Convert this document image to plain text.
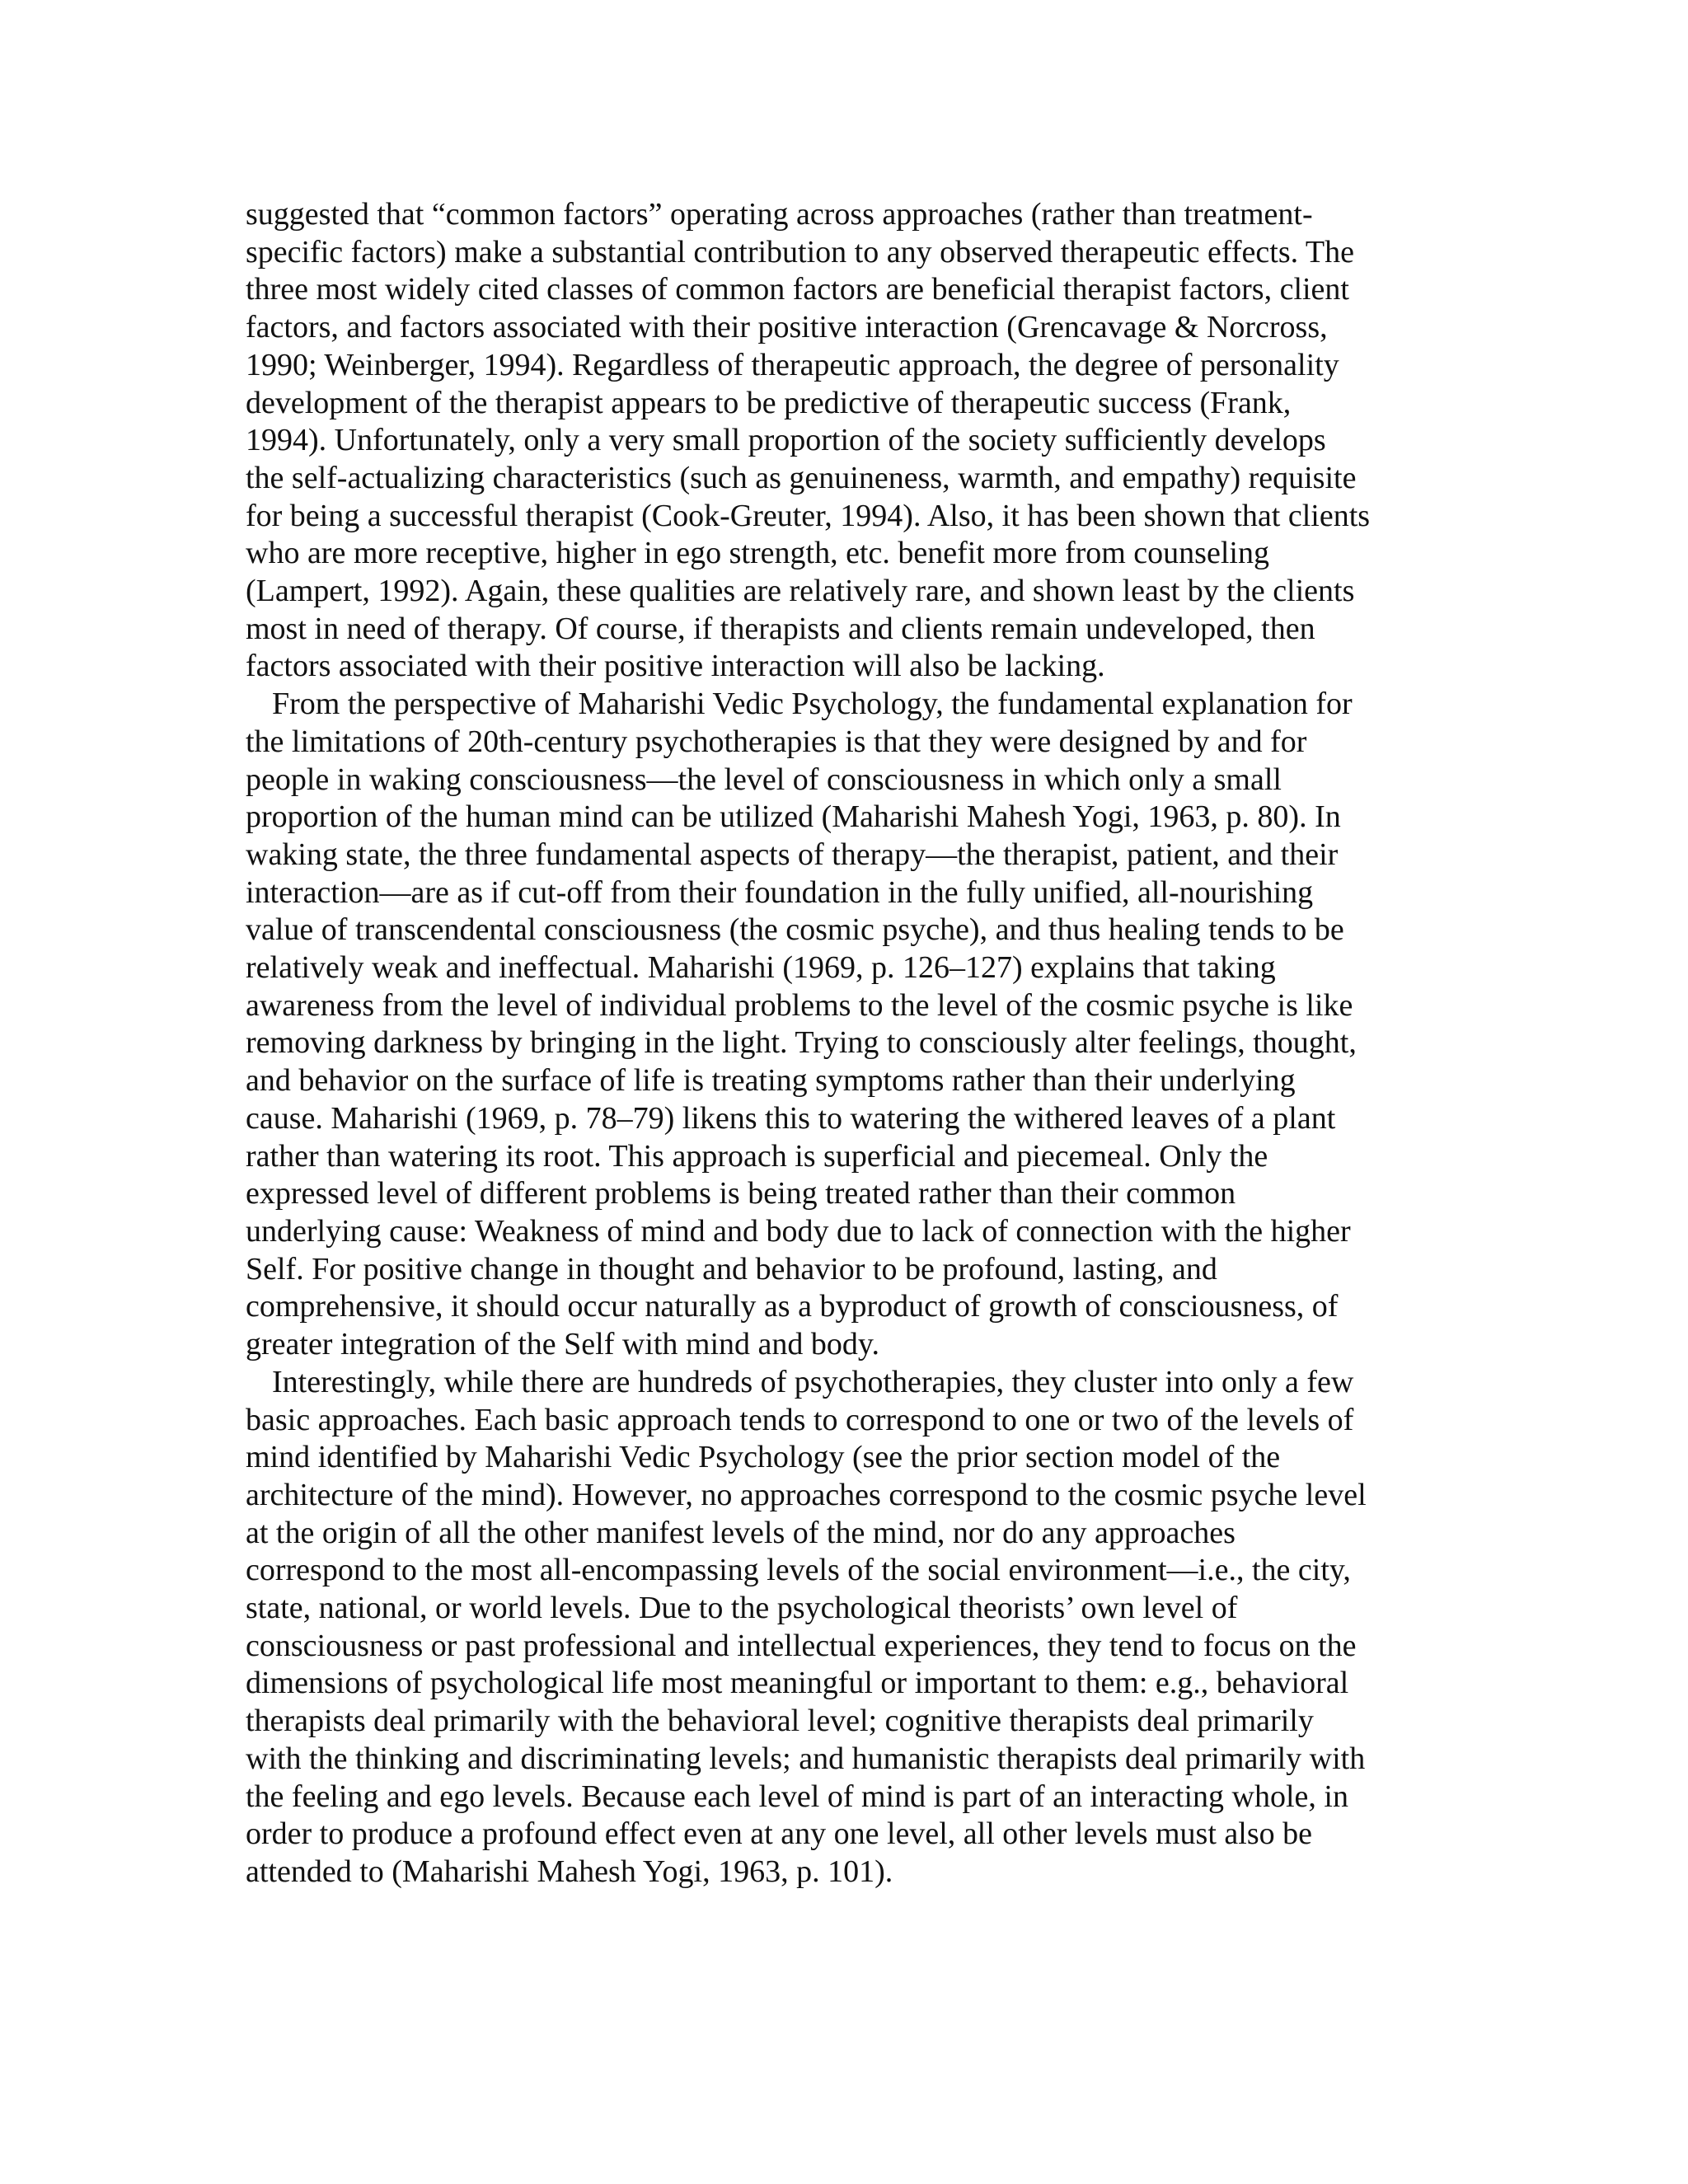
suggested that “common factors” operating across approaches (rather than treatment-
specific factors) make a substantial contribution to any observed therapeutic effects. The
three most widely cited classes of common factors are beneficial therapist factors, client
factors, and factors associated with their positive interaction (Grencavage & Norcross,
1990; Weinberger, 1994). Regardless of therapeutic approach, the degree of personality
development of the therapist appears to be predictive of therapeutic success (Frank,
1994). Unfortunately, only a very small proportion of the society sufficiently develops
the self-actualizing characteristics (such as genuineness, warmth, and empathy) requisite
for being a successful therapist (Cook-Greuter, 1994). Also, it has been shown that clients
who are more receptive, higher in ego strength, etc. benefit more from counseling
(Lampert, 1992). Again, these qualities are relatively rare, and shown least by the clients
most in need of therapy. Of course, if therapists and clients remain undeveloped, then
factors associated with their positive interaction will also be lacking.
From the perspective of Maharishi Vedic Psychology, the fundamental explanation for
the limitations of 20th-century psychotherapies is that they were designed by and for
people in waking consciousness—the level of consciousness in which only a small
proportion of the human mind can be utilized (Maharishi Mahesh Yogi, 1963, p. 80). In
waking state, the three fundamental aspects of therapy—the therapist, patient, and their
interaction—are as if cut-off from their foundation in the fully unified, all-nourishing
value of transcendental consciousness (the cosmic psyche), and thus healing tends to be
relatively weak and ineffectual. Maharishi (1969, p. 126–127) explains that taking
awareness from the level of individual problems to the level of the cosmic psyche is like
removing darkness by bringing in the light. Trying to consciously alter feelings, thought,
and behavior on the surface of life is treating symptoms rather than their underlying
cause. Maharishi (1969, p. 78–79) likens this to watering the withered leaves of a plant
rather than watering its root. This approach is superficial and piecemeal. Only the
expressed level of different problems is being treated rather than their common
underlying cause: Weakness of mind and body due to lack of connection with the higher
Self. For positive change in thought and behavior to be profound, lasting, and
comprehensive, it should occur naturally as a byproduct of growth of consciousness, of
greater integration of the Self with mind and body.
Interestingly, while there are hundreds of psychotherapies, they cluster into only a few
basic approaches. Each basic approach tends to correspond to one or two of the levels of
mind identified by Maharishi Vedic Psychology (see the prior section model of the
architecture of the mind). However, no approaches correspond to the cosmic psyche level
at the origin of all the other manifest levels of the mind, nor do any approaches
correspond to the most all-encompassing levels of the social environment—i.e., the city,
state, national, or world levels. Due to the psychological theorists’ own level of
consciousness or past professional and intellectual experiences, they tend to focus on the
dimensions of psychological life most meaningful or important to them: e.g., behavioral
therapists deal primarily with the behavioral level; cognitive therapists deal primarily
with the thinking and discriminating levels; and humanistic therapists deal primarily with
the feeling and ego levels. Because each level of mind is part of an interacting whole, in
order to produce a profound effect even at any one level, all other levels must also be
attended to (Maharishi Mahesh Yogi, 1963, p. 101).
